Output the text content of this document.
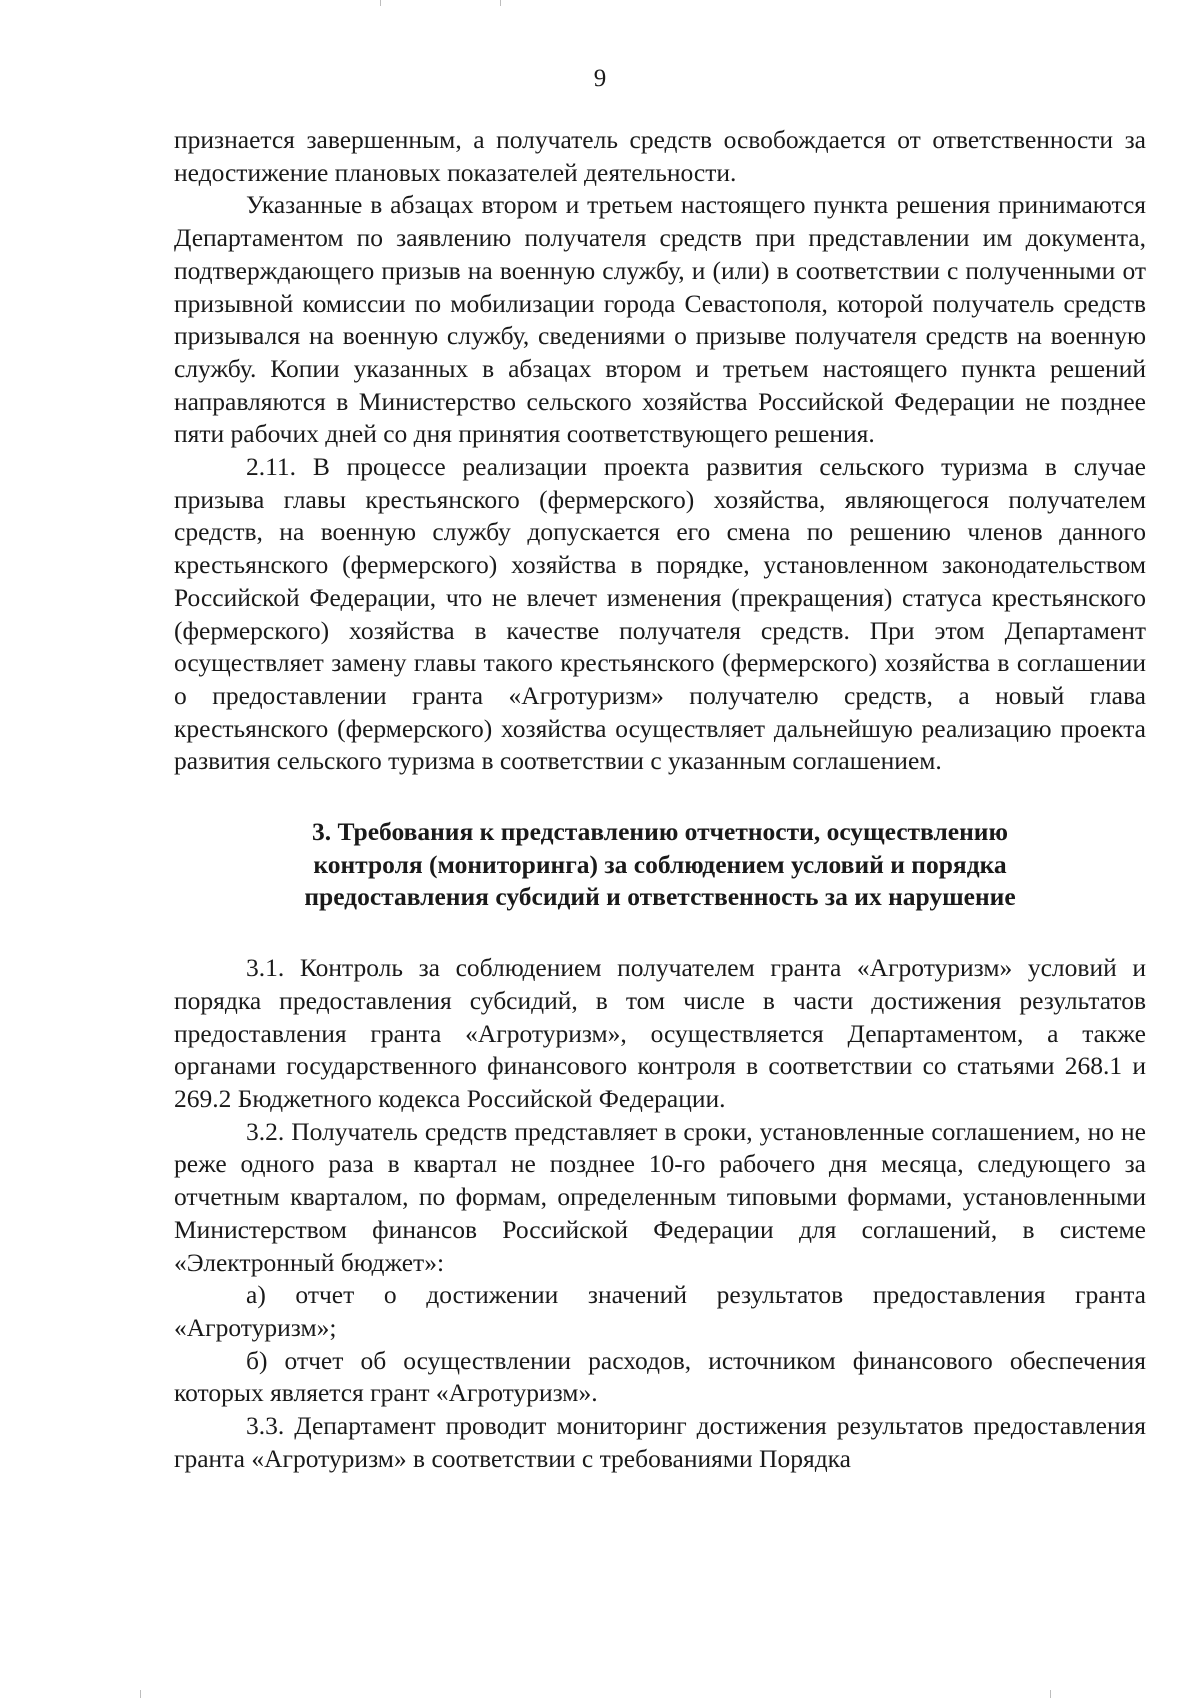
9

признается завершенным, а получатель средств освобождается от ответственности за недостижение плановых показателей деятельности.

Указанные в абзацах втором и третьем настоящего пункта решения принимаются Департаментом по заявлению получателя средств при представлении им документа, подтверждающего призыв на военную службу, и (или) в соответствии с полученными от призывной комиссии по мобилизации города Севастополя, которой получатель средств призывался на военную службу, сведениями о призыве получателя средств на военную службу. Копии указанных в абзацах втором и третьем настоящего пункта решений направляются в Министерство сельского хозяйства Российской Федерации не позднее пяти рабочих дней со дня принятия соответствующего решения.

2.11. В процессе реализации проекта развития сельского туризма в случае призыва главы крестьянского (фермерского) хозяйства, являющегося получателем средств, на военную службу допускается его смена по решению членов данного крестьянского (фермерского) хозяйства в порядке, установленном законодательством Российской Федерации, что не влечет изменения (прекращения) статуса крестьянского (фермерского) хозяйства в качестве получателя средств. При этом Департамент осуществляет замену главы такого крестьянского (фермерского) хозяйства в соглашении о предоставлении гранта «Агротуризм» получателю средств, а новый глава крестьянского (фермерского) хозяйства осуществляет дальнейшую реализацию проекта развития сельского туризма в соответствии с указанным соглашением.

3. Требования к представлению отчетности, осуществлению
контроля (мониторинга) за соблюдением условий и порядка
предоставления субсидий и ответственность за их нарушение

3.1. Контроль за соблюдением получателем гранта «Агротуризм» условий и порядка предоставления субсидий, в том числе в части достижения результатов предоставления гранта «Агротуризм», осуществляется Департаментом, а также органами государственного финансового контроля в соответствии со статьями 268.1 и 269.2 Бюджетного кодекса Российской Федерации.

3.2. Получатель средств представляет в сроки, установленные соглашением, но не реже одного раза в квартал не позднее 10-го рабочего дня месяца, следующего за отчетным кварталом, по формам, определенным типовыми формами, установленными Министерством финансов Российской Федерации для соглашений, в системе «Электронный бюджет»:

а) отчет о достижении значений результатов предоставления гранта «Агротуризм»;

б) отчет об осуществлении расходов, источником финансового обеспечения которых является грант «Агротуризм».

3.3. Департамент проводит мониторинг достижения результатов предоставления гранта «Агротуризм» в соответствии с требованиями Порядка
